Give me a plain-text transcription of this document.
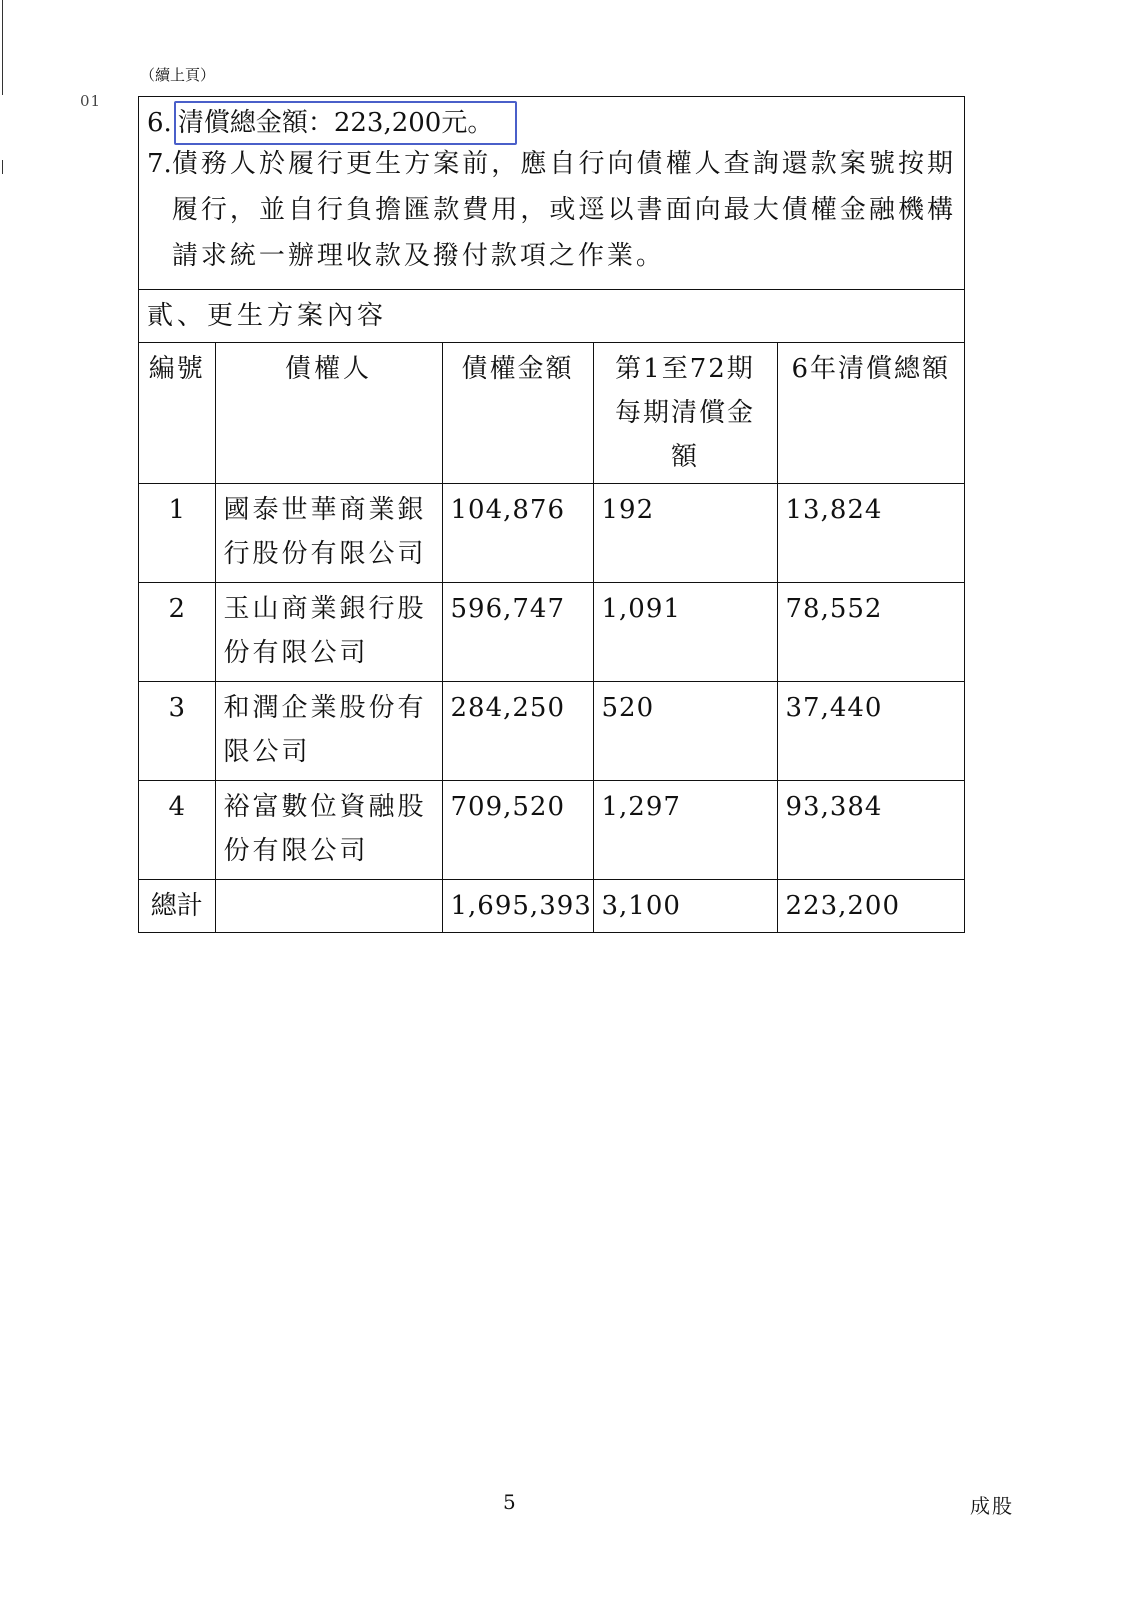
（續上頁）
01
6. 清償總金額：223,200元。
7. 債務人於履行更生方案前，應自行向債權人查詢還款案號按期履行，並自行負擔匯款費用，或逕以書面向最大債權金融機構請求統一辦理收款及撥付款項之作業。
貳、更生方案內容
編號	債權人	債權金額	第1至72期每期清償金額	6年清償總額
1	國泰世華商業銀行股份有限公司	104,876	192	13,824
2	玉山商業銀行股份有限公司	596,747	1,091	78,552
3	和潤企業股份有限公司	284,250	520	37,440
4	裕富數位資融股份有限公司	709,520	1,297	93,384
總計		1,695,393	3,100	223,200
5	成股
